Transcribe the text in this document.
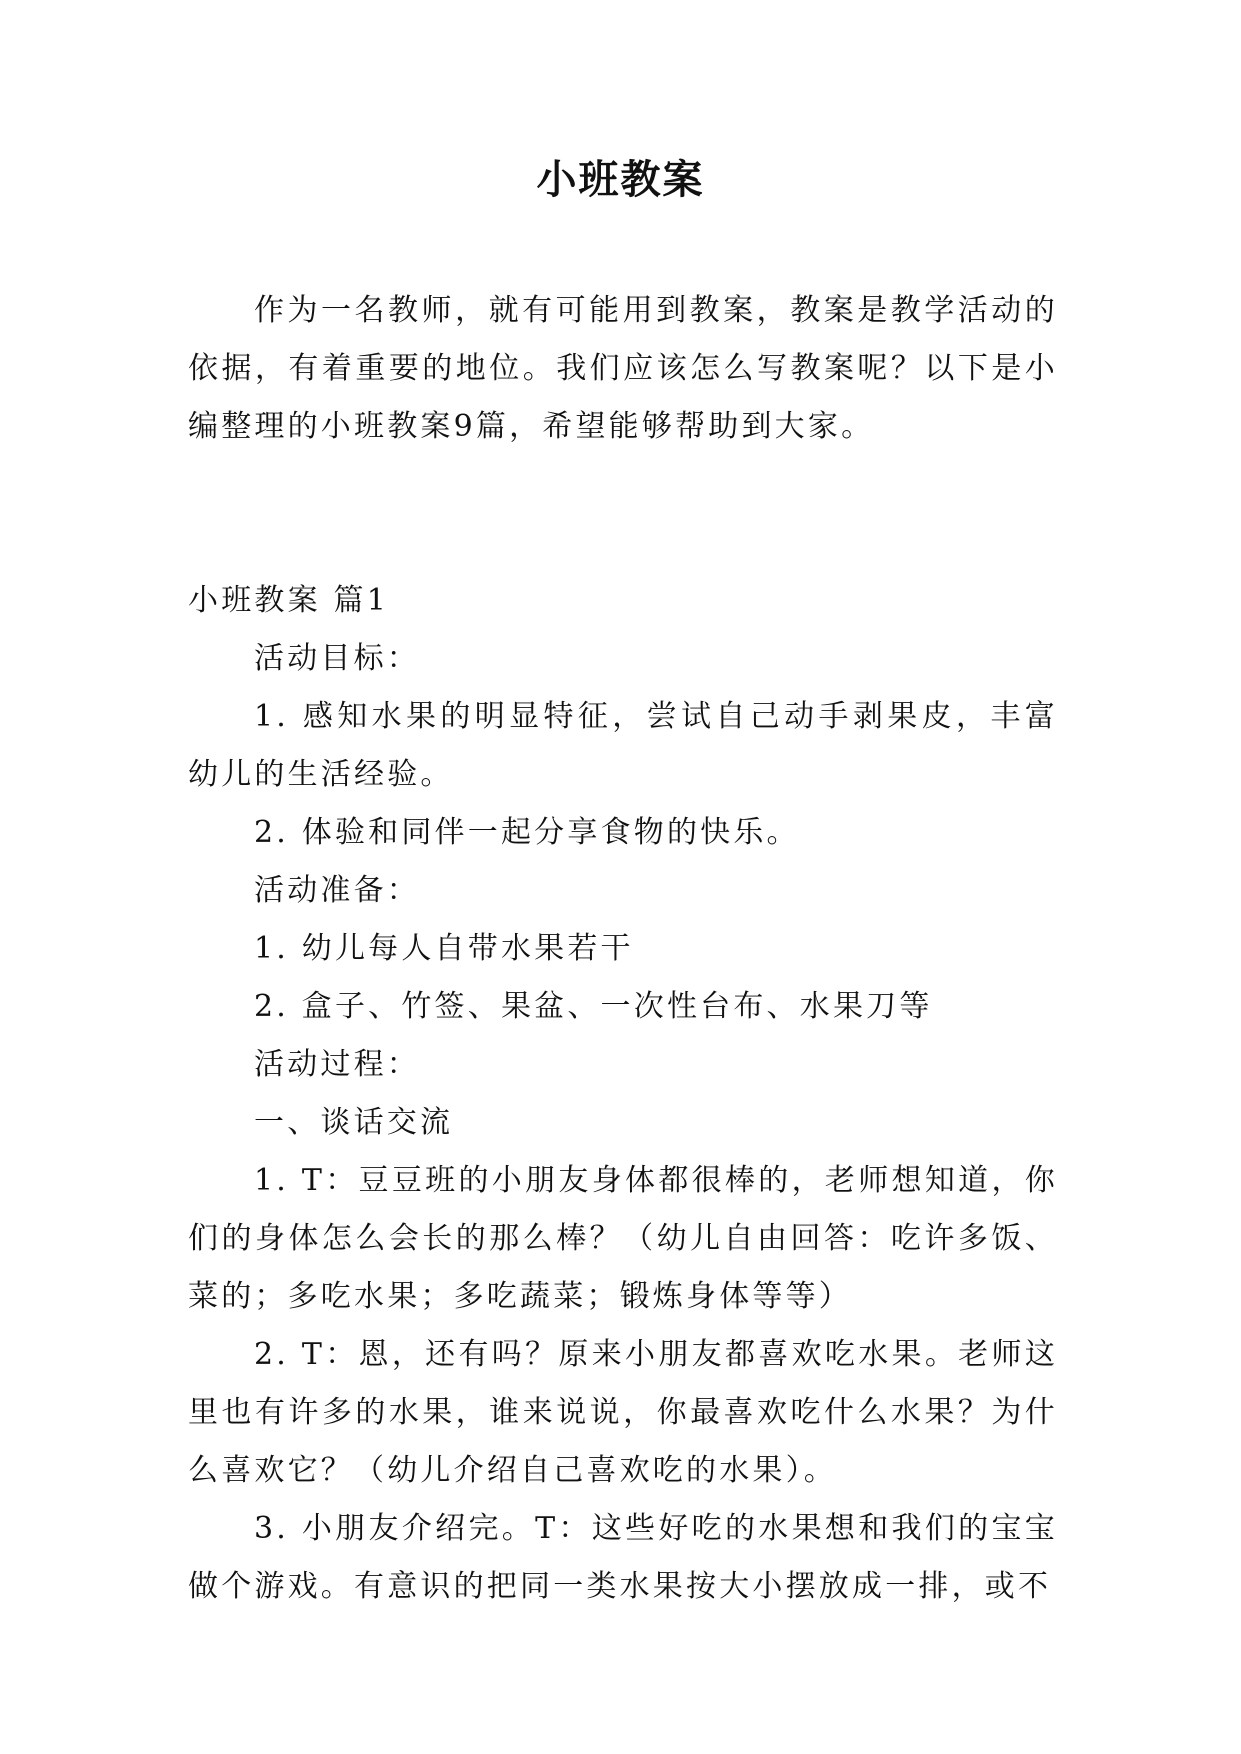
小班教案

作为一名教师，就有可能用到教案，教案是教学活动的依据，有着重要的地位。我们应该怎么写教案呢？以下是小编整理的小班教案9篇，希望能够帮助到大家。

小班教案 篇1

活动目标：

1. 感知水果的明显特征，尝试自己动手剥果皮，丰富幼儿的生活经验。

2. 体验和同伴一起分享食物的快乐。

活动准备：

1. 幼儿每人自带水果若干

2. 盒子、竹签、果盆、一次性台布、水果刀等

活动过程：

一、谈话交流

1. T：豆豆班的小朋友身体都很棒的，老师想知道，你们的身体怎么会长的那么棒？（幼儿自由回答：吃许多饭、菜的；多吃水果；多吃蔬菜；锻炼身体等等）

2. T：恩，还有吗？原来小朋友都喜欢吃水果。老师这里也有许多的水果，谁来说说，你最喜欢吃什么水果？为什么喜欢它？（幼儿介绍自己喜欢吃的水果）。

3. 小朋友介绍完。T：这些好吃的水果想和我们的宝宝做个游戏。有意识的把同一类水果按大小摆放成一排，或不
